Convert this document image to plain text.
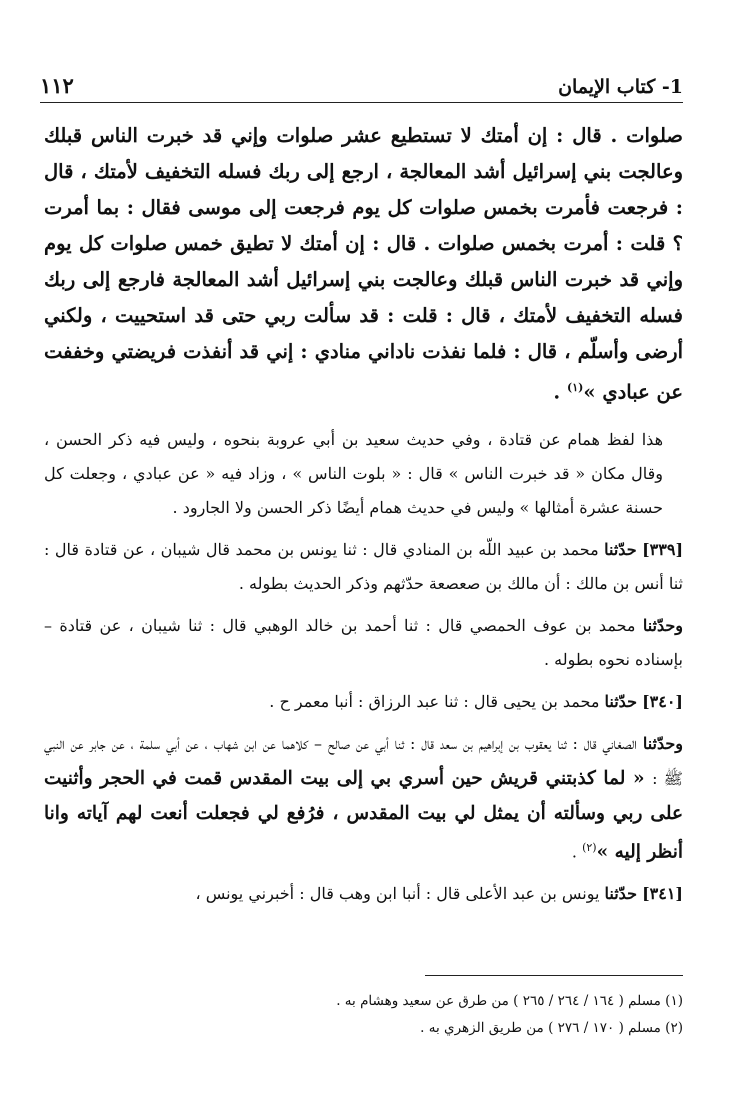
١١٢	1- كتاب الإيمان

صلوات . قال : إن أمتك لا تستطيع عشر صلوات وإني قد خبرت الناس قبلك وعالجت بني إسرائيل أشد المعالجة ، ارجع إلى ربك فسله التخفيف لأمتك ، قال : فرجعت فأمرت بخمس صلوات كل يوم فرجعت إلى موسى فقال : بما أمرت ؟ قلت : أمرت بخمس صلوات . قال : إن أمتك لا تطيق خمس صلوات كل يوم وإني قد خبرت الناس قبلك وعالجت بني إسرائيل أشد المعالجة فارجع إلى ربك فسله التخفيف لأمتك ، قال : قلت : قد سألت ربي حتى قد استحييت ، ولكني أرضى وأسلّم ، قال : فلما نفذت ناداني منادي : إني قد أنفذت فريضتي وخففت عن عبادي »$^{(١)}$ .

هذا لفظ همام عن قتادة ، وفي حديث سعيد بن أبي عروبة بنحوه ، وليس فيه ذكر الحسن ، وقال مكان « قد خبرت الناس » قال : « بلوت الناس » ، وزاد فيه « عن عبادي ، وجعلت كل حسنة عشرة أمثالها » وليس في حديث همام أيضًا ذكر الحسن ولا الجارود .

[٣٣٩] حدّثنا محمد بن عبيد اللّه بن المنادي قال : ثنا يونس بن محمد قال شيبان ، عن قتادة قال : ثنا أنس بن مالك : أن مالك بن صعصعة حدّثهم وذكر الحديث بطوله .

وحدّثنا محمد بن عوف الحمصي قال : ثنا أحمد بن خالد الوهبي قال : ثنا شيبان ، عن قتادة – بإسناده نحوه بطوله .

[٣٤٠] حدّثنا محمد بن يحيى قال : ثنا عبد الرزاق : أنبا معمر ح .

وحدّثنا الصغاني قال : ثنا يعقوب بن إبراهيم بن سعد قال : ثنا أبي عن صالح – كلاهما عن ابن شهاب ، عن أبي سلمة ، عن جابر عن النبي ﷺ : « لما كذبتني قريش حين أسري بي إلى بيت المقدس قمت في الحجر وأثنيت على ربي وسألته أن يمثل لي بيت المقدس ، فرُفع لي فجعلت أنعت لهم آياته وانا أنظر إليه »$^{(٢)}$ .

[٣٤١] حدّثنا يونس بن عبد الأعلى قال : أنبا ابن وهب قال : أخبرني يونس ،

(١) مسلم ( ١٦٤ / ٢٦٤ / ٢٦٥ ) من طرق عن سعيد وهشام به .

(٢) مسلم ( ١٧٠ / ٢٧٦ ) من طريق الزهري به .
